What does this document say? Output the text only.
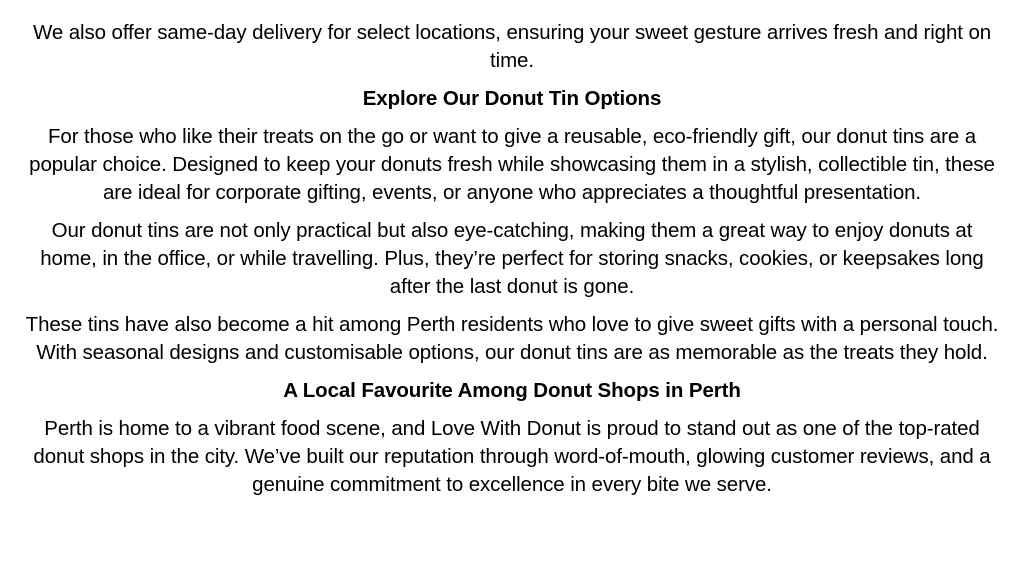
We also offer same-day delivery for select locations, ensuring your sweet gesture arrives fresh and right on time.

Explore Our Donut Tin Options

For those who like their treats on the go or want to give a reusable, eco-friendly gift, our donut tins are a popular choice. Designed to keep your donuts fresh while showcasing them in a stylish, collectible tin, these are ideal for corporate gifting, events, or anyone who appreciates a thoughtful presentation.

Our donut tins are not only practical but also eye-catching, making them a great way to enjoy donuts at home, in the office, or while travelling. Plus, they’re perfect for storing snacks, cookies, or keepsakes long after the last donut is gone.

These tins have also become a hit among Perth residents who love to give sweet gifts with a personal touch. With seasonal designs and customisable options, our donut tins are as memorable as the treats they hold.

A Local Favourite Among Donut Shops in Perth

Perth is home to a vibrant food scene, and Love With Donut is proud to stand out as one of the top-rated donut shops in the city. We’ve built our reputation through word-of-mouth, glowing customer reviews, and a genuine commitment to excellence in every bite we serve.
